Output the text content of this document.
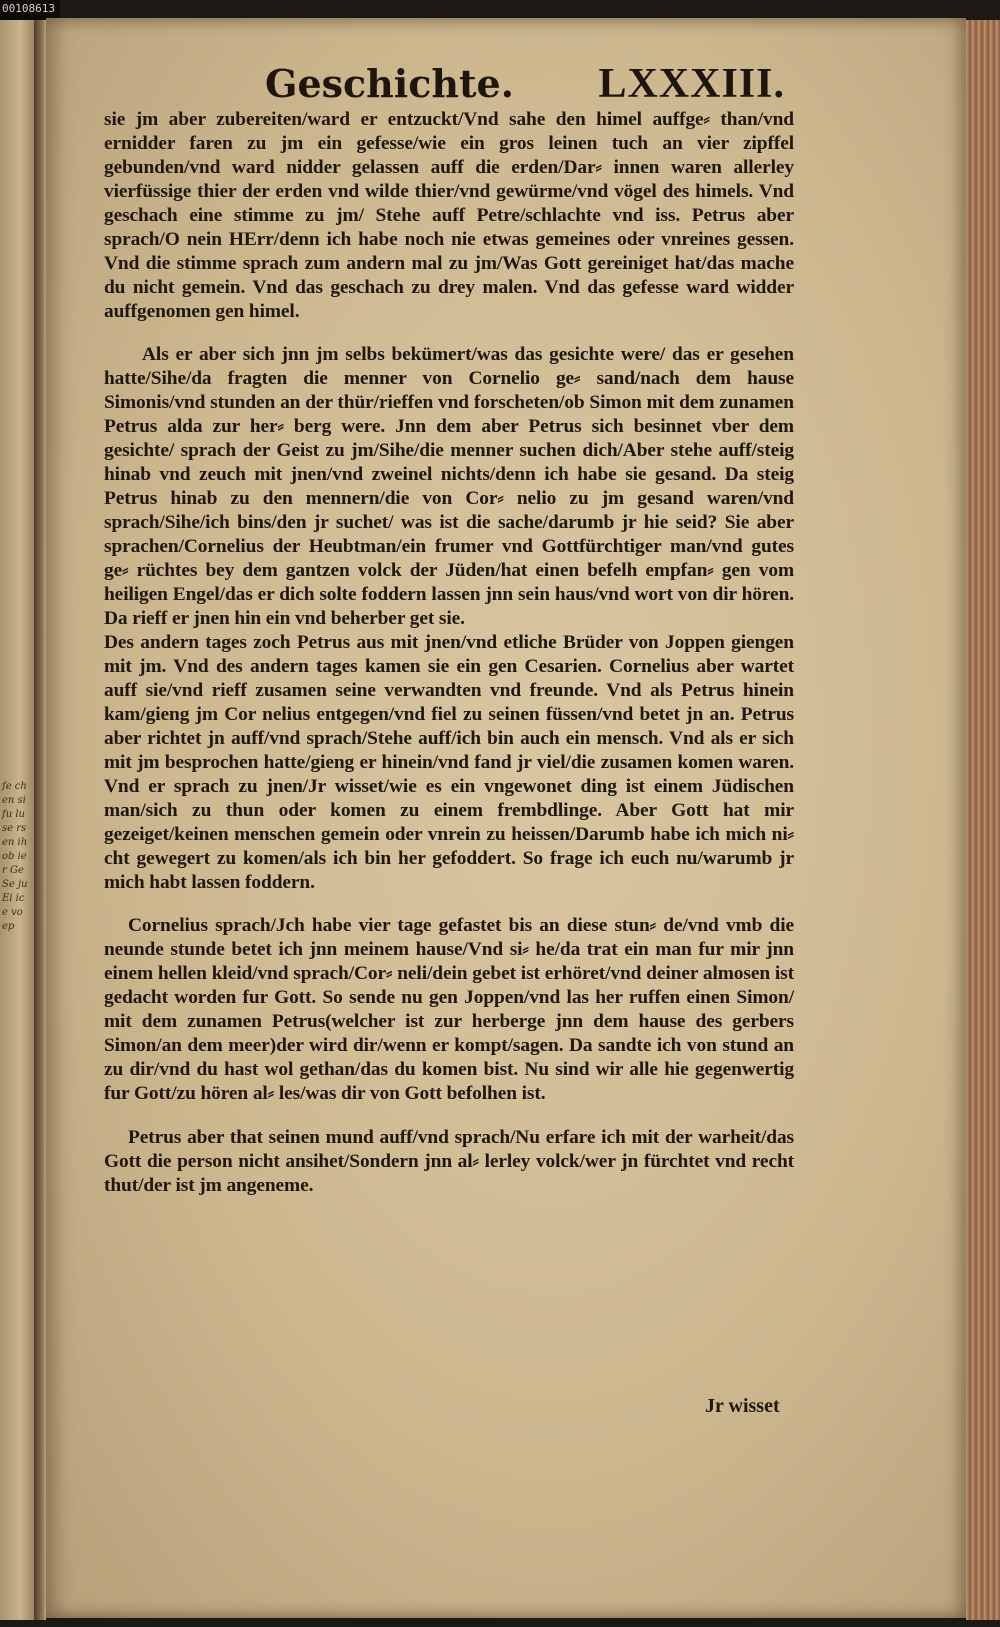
00108613
fe ch en si fu lu se rs en ih ob ier Ge Se ju Ei ice vo ep
Geschichte. LXXXIII.

sie jm aber zubereiten/ward er entzuckt/Vnd sahe den himel auffge⸗ than/vnd ernidder faren zu jm ein gefesse/wie ein gros leinen tuch an vier zipffel gebunden/vnd ward nidder gelassen auff die erden/Dar⸗ innen waren allerley vierfüssige thier der erden vnd wilde thier/vnd gewürme/vnd vögel des himels. Vnd geschach eine stimme zu jm/ Stehe auff Petre/schlachte vnd iss. Petrus aber sprach/O nein HErr/denn ich habe noch nie etwas gemeines oder vnreines gessen. Vnd die stimme sprach zum andern mal zu jm/Was Gott gereiniget hat/das mache du nicht gemein. Vnd das geschach zu drey malen. Vnd das gefesse ward widder auffgenomen gen himel.

Als er aber sich jnn jm selbs bekümert/was das gesichte were/ das er gesehen hatte/Sihe/da fragten die menner von Cornelio ge⸗ sand/nach dem hause Simonis/vnd stunden an der thür/rieffen vnd forscheten/ob Simon mit dem zunamen Petrus alda zur her⸗ berg were. Jnn dem aber Petrus sich besinnet vber dem gesichte/ sprach der Geist zu jm/Sihe/die menner suchen dich/Aber stehe auff/steig hinab vnd zeuch mit jnen/vnd zweinel nichts/denn ich habe sie gesand. Da steig Petrus hinab zu den mennern/die von Cor⸗ nelio zu jm gesand waren/vnd sprach/Sihe/ich bins/den jr suchet/ was ist die sache/darumb jr hie seid? Sie aber sprachen/Cornelius der Heubtman/ein frumer vnd Gottfürchtiger man/vnd gutes ge⸗ rüchtes bey dem gantzen volck der Jüden/hat einen befelh empfan⸗ gen vom heiligen Engel/das er dich solte foddern lassen jnn sein haus/vnd wort von dir hören. Da rieff er jnen hin ein vnd beherber get sie.

Des andern tages zoch Petrus aus mit jnen/vnd etliche Brüder von Joppen giengen mit jm. Vnd des andern tages kamen sie ein gen Cesarien. Cornelius aber wartet auff sie/vnd rieff zusamen seine verwandten vnd freunde. Vnd als Petrus hinein kam/gieng jm Cor nelius entgegen/vnd fiel zu seinen füssen/vnd betet jn an. Petrus aber richtet jn auff/vnd sprach/Stehe auff/ich bin auch ein mensch. Vnd als er sich mit jm besprochen hatte/gieng er hinein/vnd fand jr viel/die zusamen komen waren. Vnd er sprach zu jnen/Jr wisset/wie es ein vngewonet ding ist einem Jüdischen man/sich zu thun oder komen zu einem frembdlinge. Aber Gott hat mir gezeiget/keinen menschen gemein oder vnrein zu heissen/Darumb habe ich mich ni⸗ cht gewegert zu komen/als ich bin her gefoddert. So frage ich euch nu/warumb jr mich habt lassen foddern.

Cornelius sprach/Jch habe vier tage gefastet bis an diese stun⸗ de/vnd vmb die neunde stunde betet ich jnn meinem hause/Vnd si⸗ he/da trat ein man fur mir jnn einem hellen kleid/vnd sprach/Cor⸗ neli/dein gebet ist erhöret/vnd deiner almosen ist gedacht worden fur Gott. So sende nu gen Joppen/vnd las her ruffen einen Simon/ mit dem zunamen Petrus(welcher ist zur herberge jnn dem hause des gerbers Simon/an dem meer)der wird dir/wenn er kompt/sagen. Da sandte ich von stund an zu dir/vnd du hast wol gethan/das du komen bist. Nu sind wir alle hie gegenwertig fur Gott/zu hören al⸗ les/was dir von Gott befolhen ist.

Petrus aber that seinen mund auff/vnd sprach/Nu erfare ich mit der warheit/das Gott die person nicht ansihet/Sondern jnn al⸗ lerley volck/wer jn fürchtet vnd recht thut/der ist jm angeneme.

Jr wisset
